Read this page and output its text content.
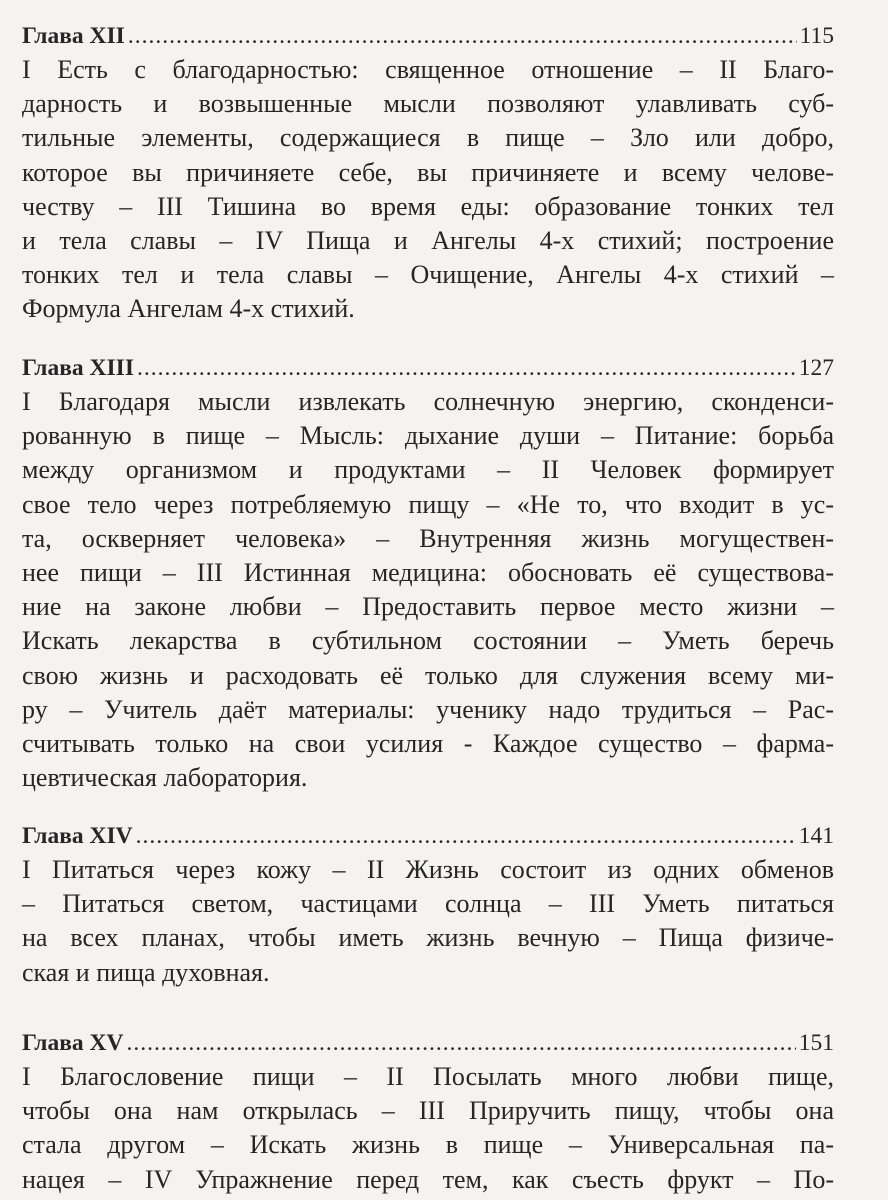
Глава XII .....	115
I Есть с благодарностью: священное отношение – II Благо-
дарность и возвышенные мысли позволяют улавливать суб-
тильные элементы, содержащиеся в пище – Зло или добро,
которое вы причиняете себе, вы причиняете и всему челове-
честву – III Тишина во время еды: образование тонких тел
и тела славы – IV Пища и Ангелы 4-х стихий; построение
тонких тел и тела славы – Очищение, Ангелы 4-х стихий –
Формула Ангелам 4-х стихий.
Глава XIII .....	127
I Благодаря мысли извлекать солнечную энергию, сконденси-
рованную в пище – Мысль: дыхание души – Питание: борьба
между организмом и продуктами – II Человек формирует
свое тело через потребляемую пищу – «Не то, что входит в ус-
та, оскверняет человека» – Внутренняя жизнь могуществен-
нее пищи – III Истинная медицина: обосновать её существова-
ние на законе любви – Предоставить первое место жизни –
Искать лекарства в субтильном состоянии – Уметь беречь
свою жизнь и расходовать её только для служения всему ми-
ру – Учитель даёт материалы: ученику надо трудиться – Рас-
считывать только на свои усилия - Каждое существо – фарма-
цевтическая лаборатория.
Глава XIV .....	141
I Питаться через кожу – II Жизнь состоит из одних обменов
– Питаться светом, частицами солнца – III Уметь питаться
на всех планах, чтобы иметь жизнь вечную – Пища физиче-
ская и пища духовная.
Глава XV .....	151
I Благословение пищи – II Посылать много любви пище,
чтобы она нам открылась – III Приручить пищу, чтобы она
стала другом – Искать жизнь в пище – Универсальная па-
нацея – IV Упражнение перед тем, как съесть фрукт – По-
